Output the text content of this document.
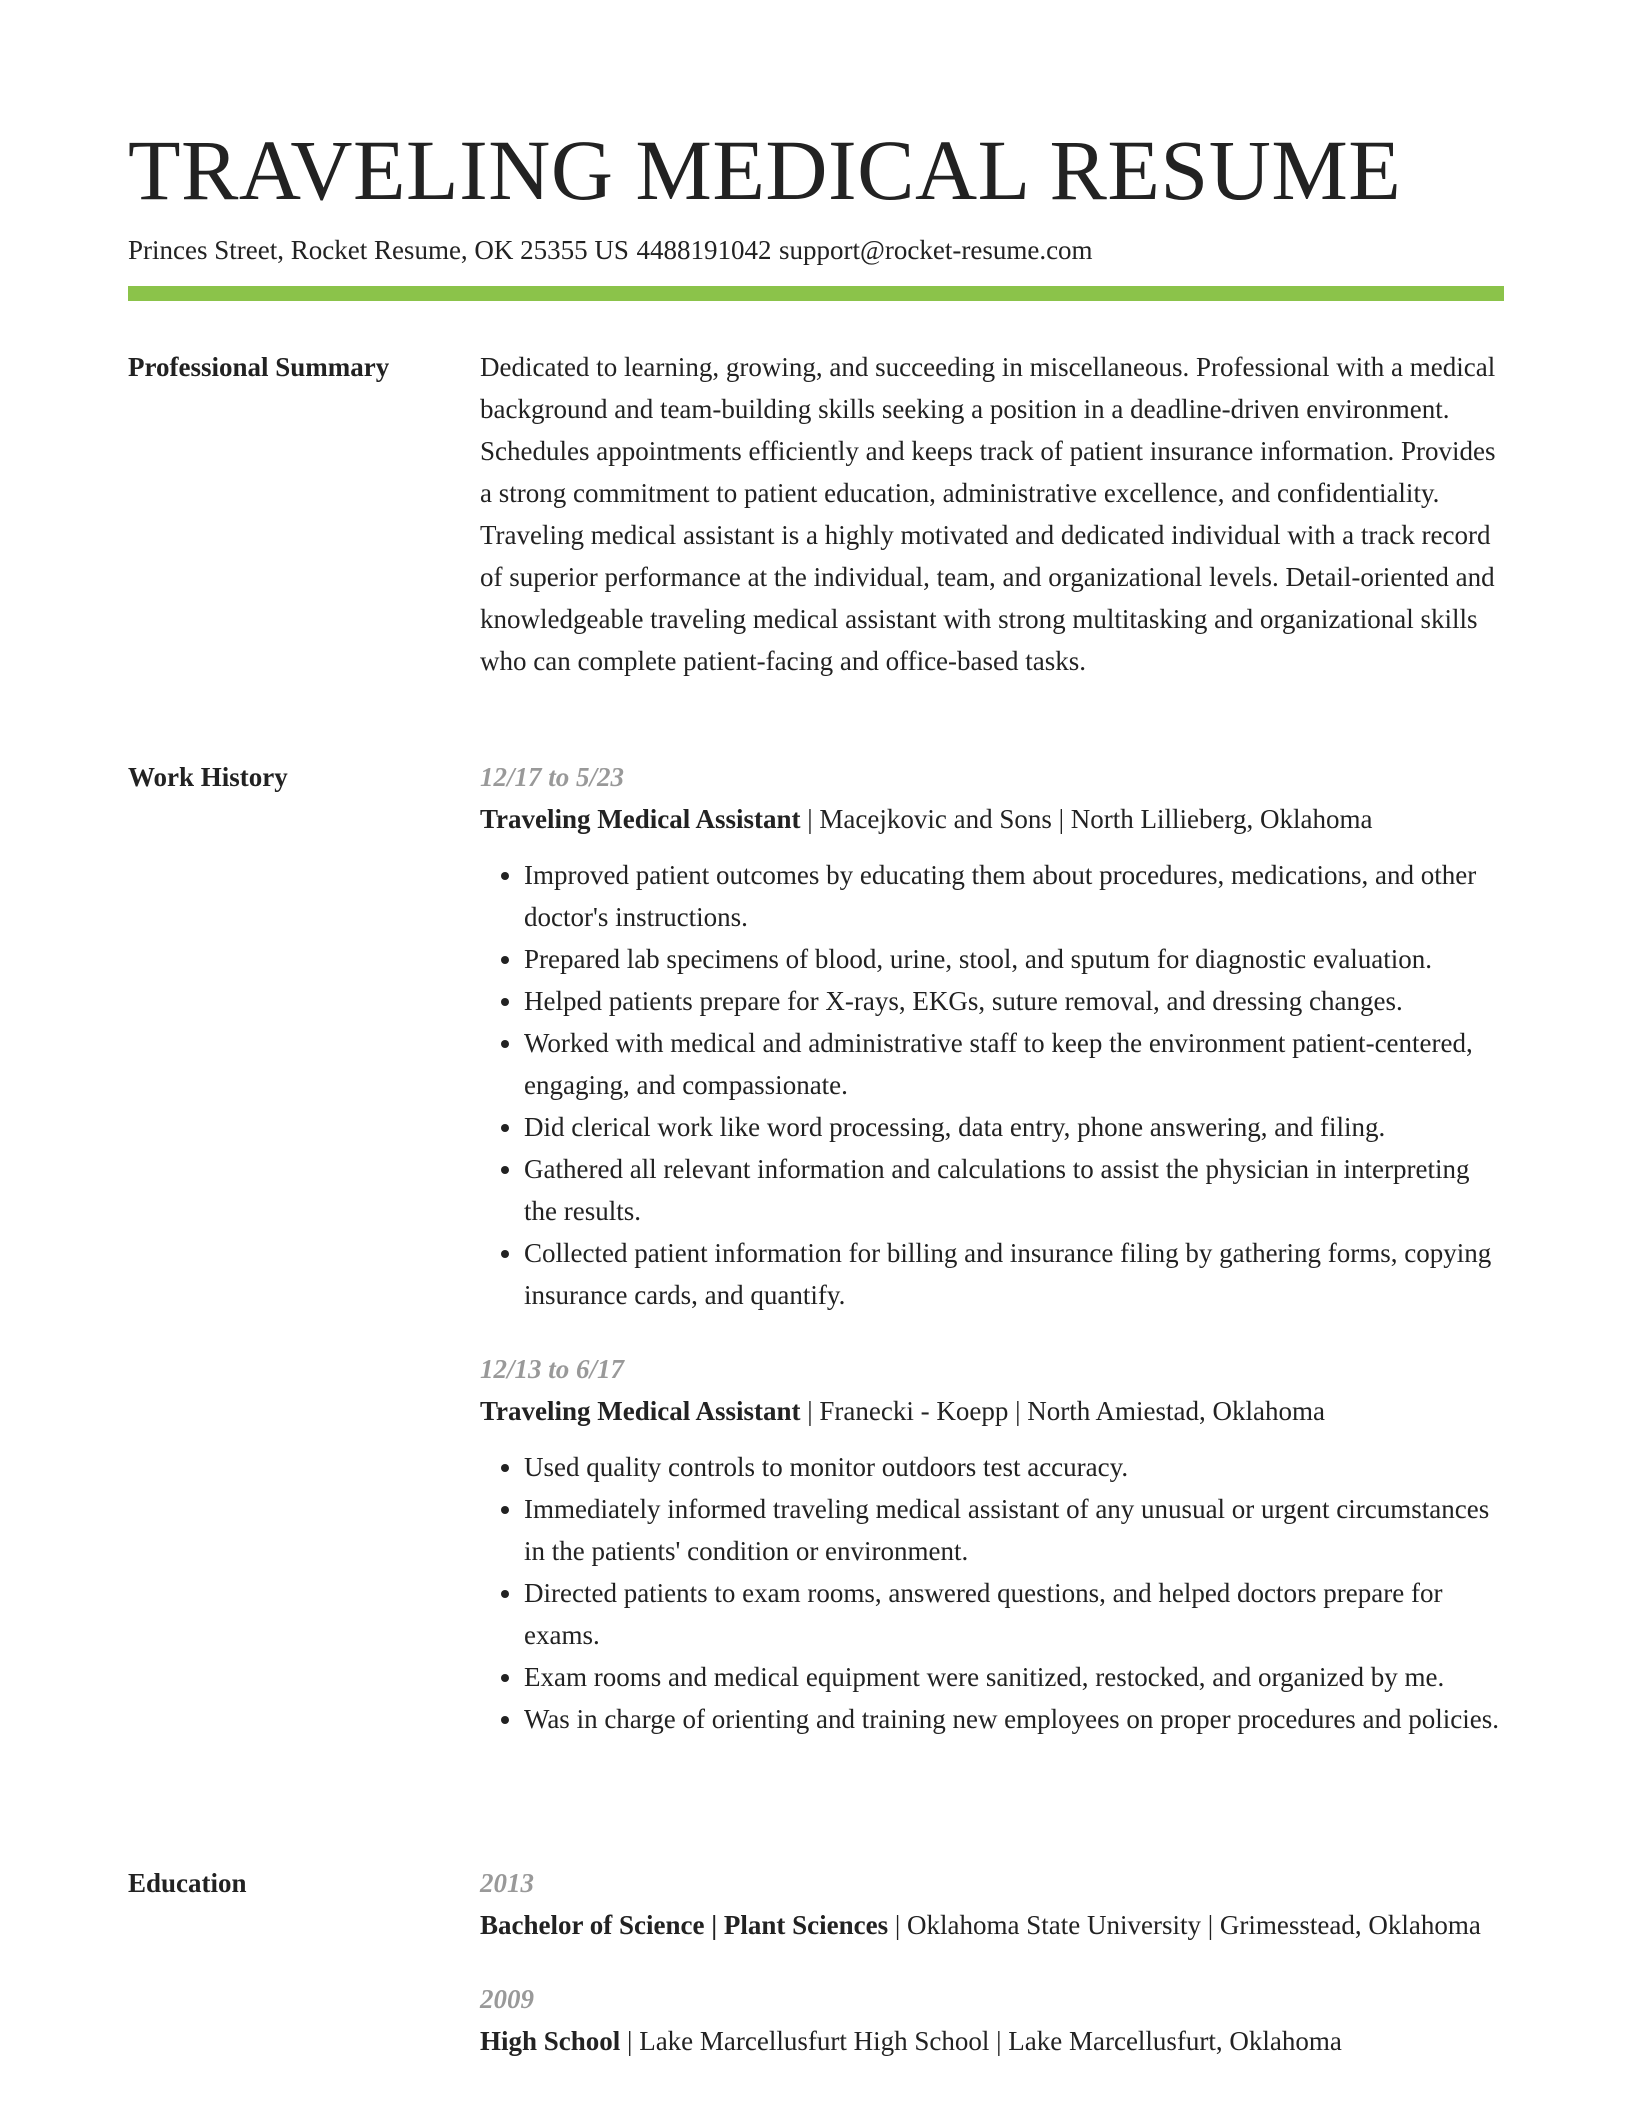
TRAVELING MEDICAL RESUME
Princes Street, Rocket Resume, OK 25355 US 4488191042 support@rocket-resume.com
Professional Summary	Dedicated to learning, growing, and succeeding in miscellaneous. Professional with a medical background and team-building skills seeking a position in a deadline-driven environment. Schedules appointments efficiently and keeps track of patient insurance information. Provides a strong commitment to patient education, administrative excellence, and confidentiality. Traveling medical assistant is a highly motivated and dedicated individual with a track record of superior performance at the individual, team, and organizational levels. Detail-oriented and knowledgeable traveling medical assistant with strong multitasking and organizational skills who can complete patient-facing and office-based tasks.

Work History	12/17 to 5/23
Traveling Medical Assistant | Macejkovic and Sons | North Lillieberg, Oklahoma
• Improved patient outcomes by educating them about procedures, medications, and other doctor's instructions.
• Prepared lab specimens of blood, urine, stool, and sputum for diagnostic evaluation.
• Helped patients prepare for X-rays, EKGs, suture removal, and dressing changes.
• Worked with medical and administrative staff to keep the environment patient-centered, engaging, and compassionate.
• Did clerical work like word processing, data entry, phone answering, and filing.
• Gathered all relevant information and calculations to assist the physician in interpreting the results.
• Collected patient information for billing and insurance filing by gathering forms, copying insurance cards, and quantify.
12/13 to 6/17
Traveling Medical Assistant | Franecki - Koepp | North Amiestad, Oklahoma
• Used quality controls to monitor outdoors test accuracy.
• Immediately informed traveling medical assistant of any unusual or urgent circumstances in the patients' condition or environment.
• Directed patients to exam rooms, answered questions, and helped doctors prepare for exams.
• Exam rooms and medical equipment were sanitized, restocked, and organized by me.
• Was in charge of orienting and training new employees on proper procedures and policies.
Education	2013
Bachelor of Science | Plant Sciences | Oklahoma State University | Grimesstead, Oklahoma
2009
High School | Lake Marcellusfurt High School | Lake Marcellusfurt, Oklahoma
